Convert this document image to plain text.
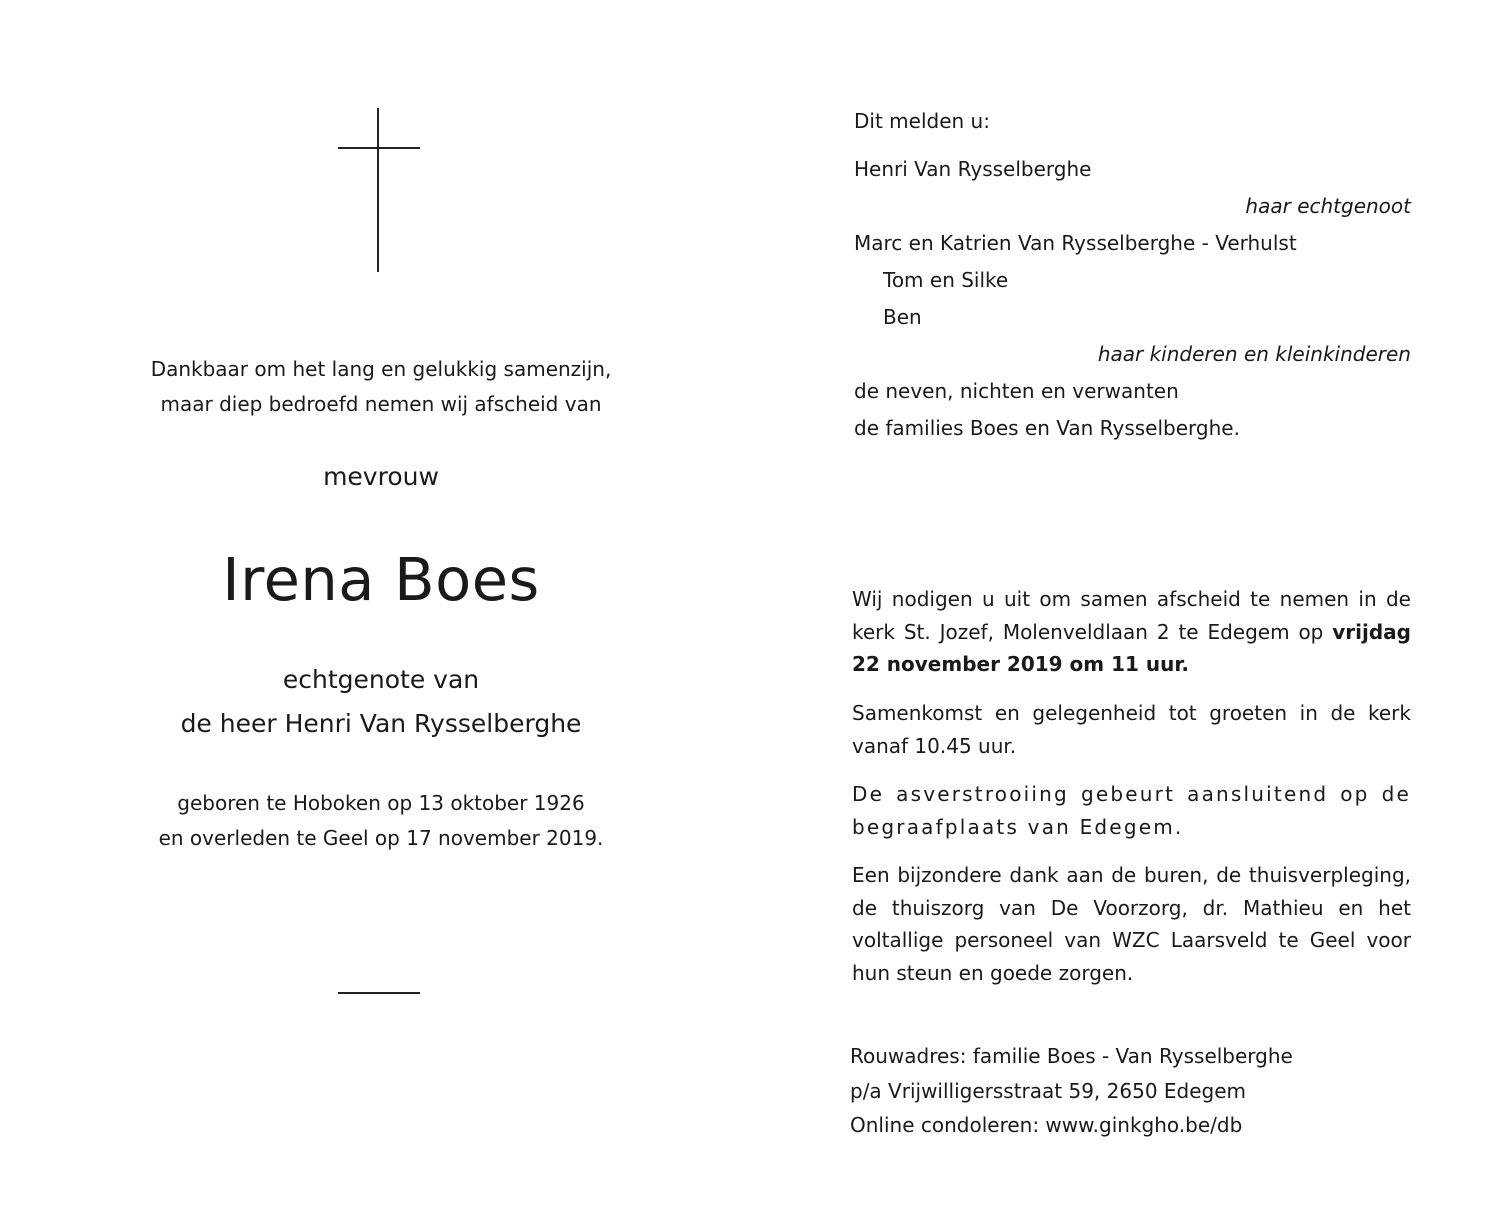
Dankbaar om het lang en gelukkig samenzijn,
maar diep bedroefd nemen wij afscheid van
mevrouw
Irena Boes
echtgenote van
de heer Henri Van Rysselberghe
geboren te Hoboken op 13 oktober 1926
en overleden te Geel op 17 november 2019.
Dit melden u:
Henri Van Rysselberghe
haar echtgenoot
Marc en Katrien Van Rysselberghe - Verhulst
Tom en Silke
Ben
haar kinderen en kleinkinderen
de neven, nichten en verwanten
de families Boes en Van Rysselberghe.
Wij nodigen u uit om samen afscheid te nemen in de kerk St. Jozef, Molenveldlaan 2 te Edegem op vrijdag 22 november 2019 om 11 uur.
Samenkomst en gelegenheid tot groeten in de kerk vanaf 10.45 uur.
De asverstrooiing gebeurt aansluitend op de begraafplaats van Edegem.
Een bijzondere dank aan de buren, de thuisverpleging, de thuiszorg van De Voorzorg, dr. Mathieu en het voltallige personeel van WZC Laarsveld te Geel voor hun steun en goede zorgen.
Rouwadres: familie Boes - Van Rysselberghe
p/a Vrijwilligersstraat 59, 2650 Edegem
Online condoleren: www.ginkgho.be/db
